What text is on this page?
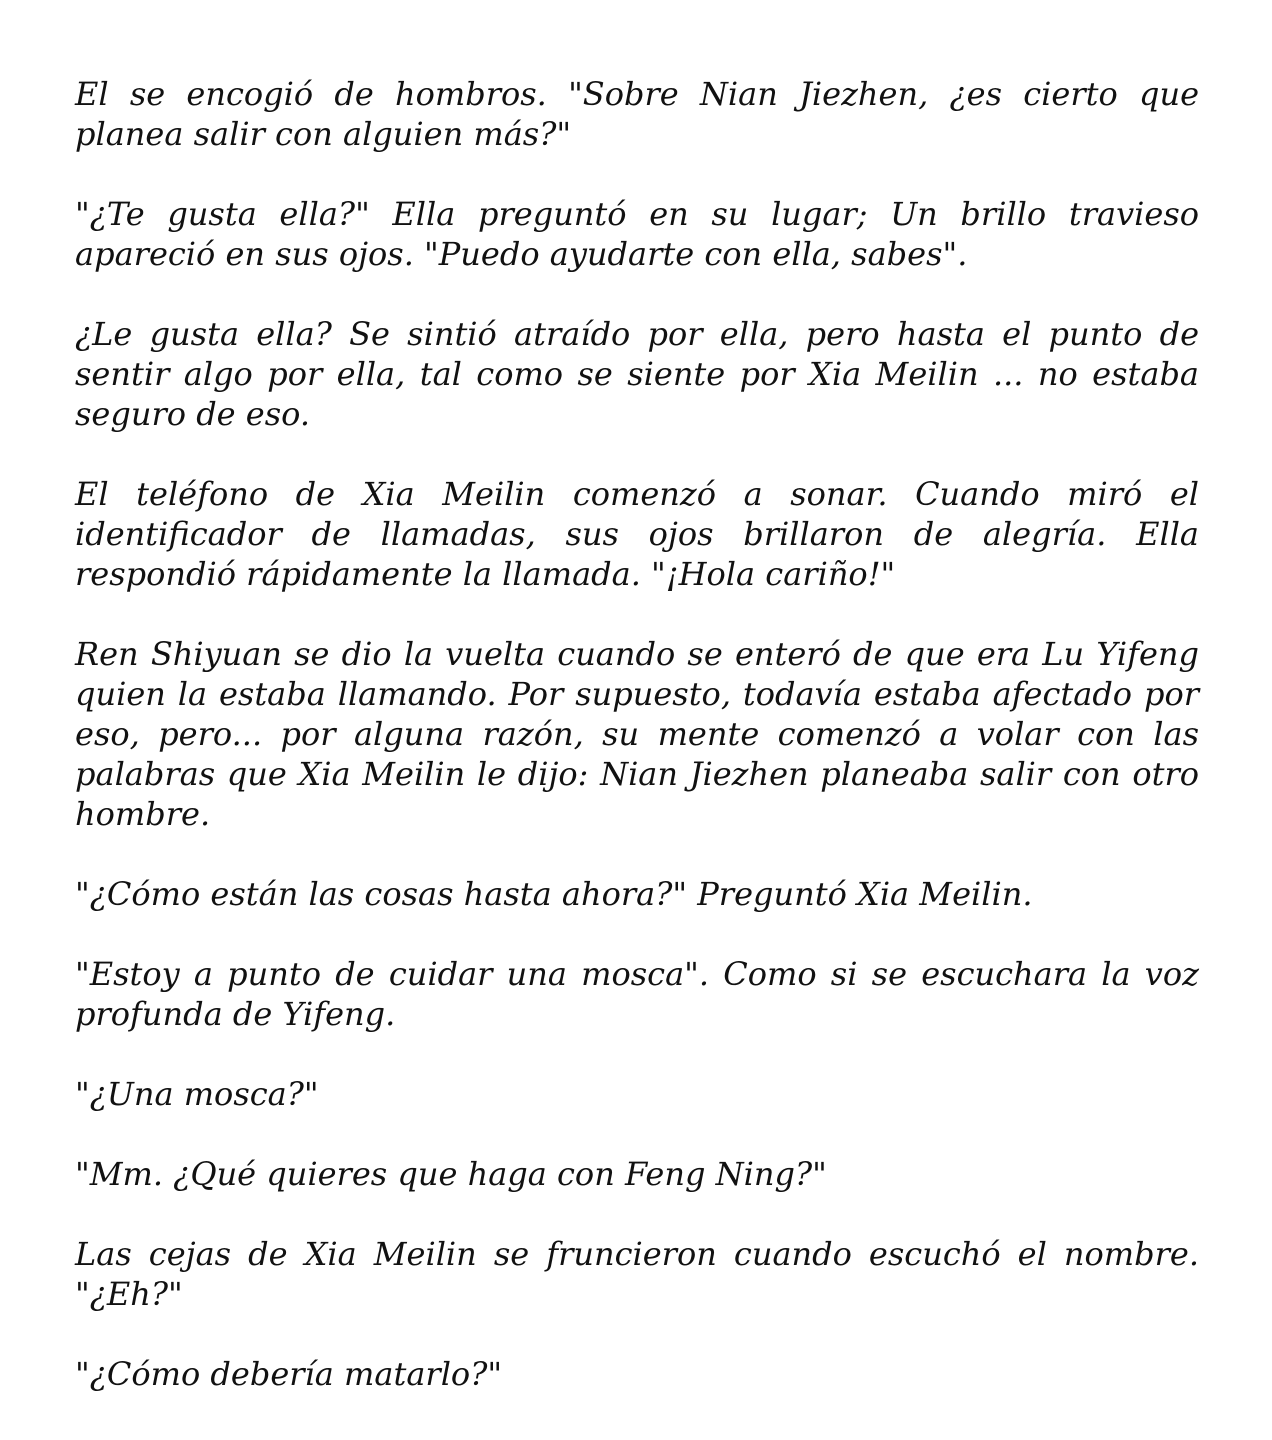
El se encogió de hombros. "Sobre Nian Jiezhen, ¿es cierto que planea salir con alguien más?"

"¿Te gusta ella?" Ella preguntó en su lugar; Un brillo travieso apareció en sus ojos. "Puedo ayudarte con ella, sabes".

¿Le gusta ella? Se sintió atraído por ella, pero hasta el punto de sentir algo por ella, tal como se siente por Xia Meilin ... no estaba seguro de eso.

El teléfono de Xia Meilin comenzó a sonar. Cuando miró el identificador de llamadas, sus ojos brillaron de alegría. Ella respondió rápidamente la llamada. "¡Hola cariño!"

Ren Shiyuan se dio la vuelta cuando se enteró de que era Lu Yifeng quien la estaba llamando. Por supuesto, todavía estaba afectado por eso, pero... por alguna razón, su mente comenzó a volar con las palabras que Xia Meilin le dijo: Nian Jiezhen planeaba salir con otro hombre.

"¿Cómo están las cosas hasta ahora?" Preguntó Xia Meilin.

"Estoy a punto de cuidar una mosca". Como si se escuchara la voz profunda de Yifeng.

"¿Una mosca?"

"Mm. ¿Qué quieres que haga con Feng Ning?"

Las cejas de Xia Meilin se fruncieron cuando escuchó el nombre. "¿Eh?"

"¿Cómo debería matarlo?"
